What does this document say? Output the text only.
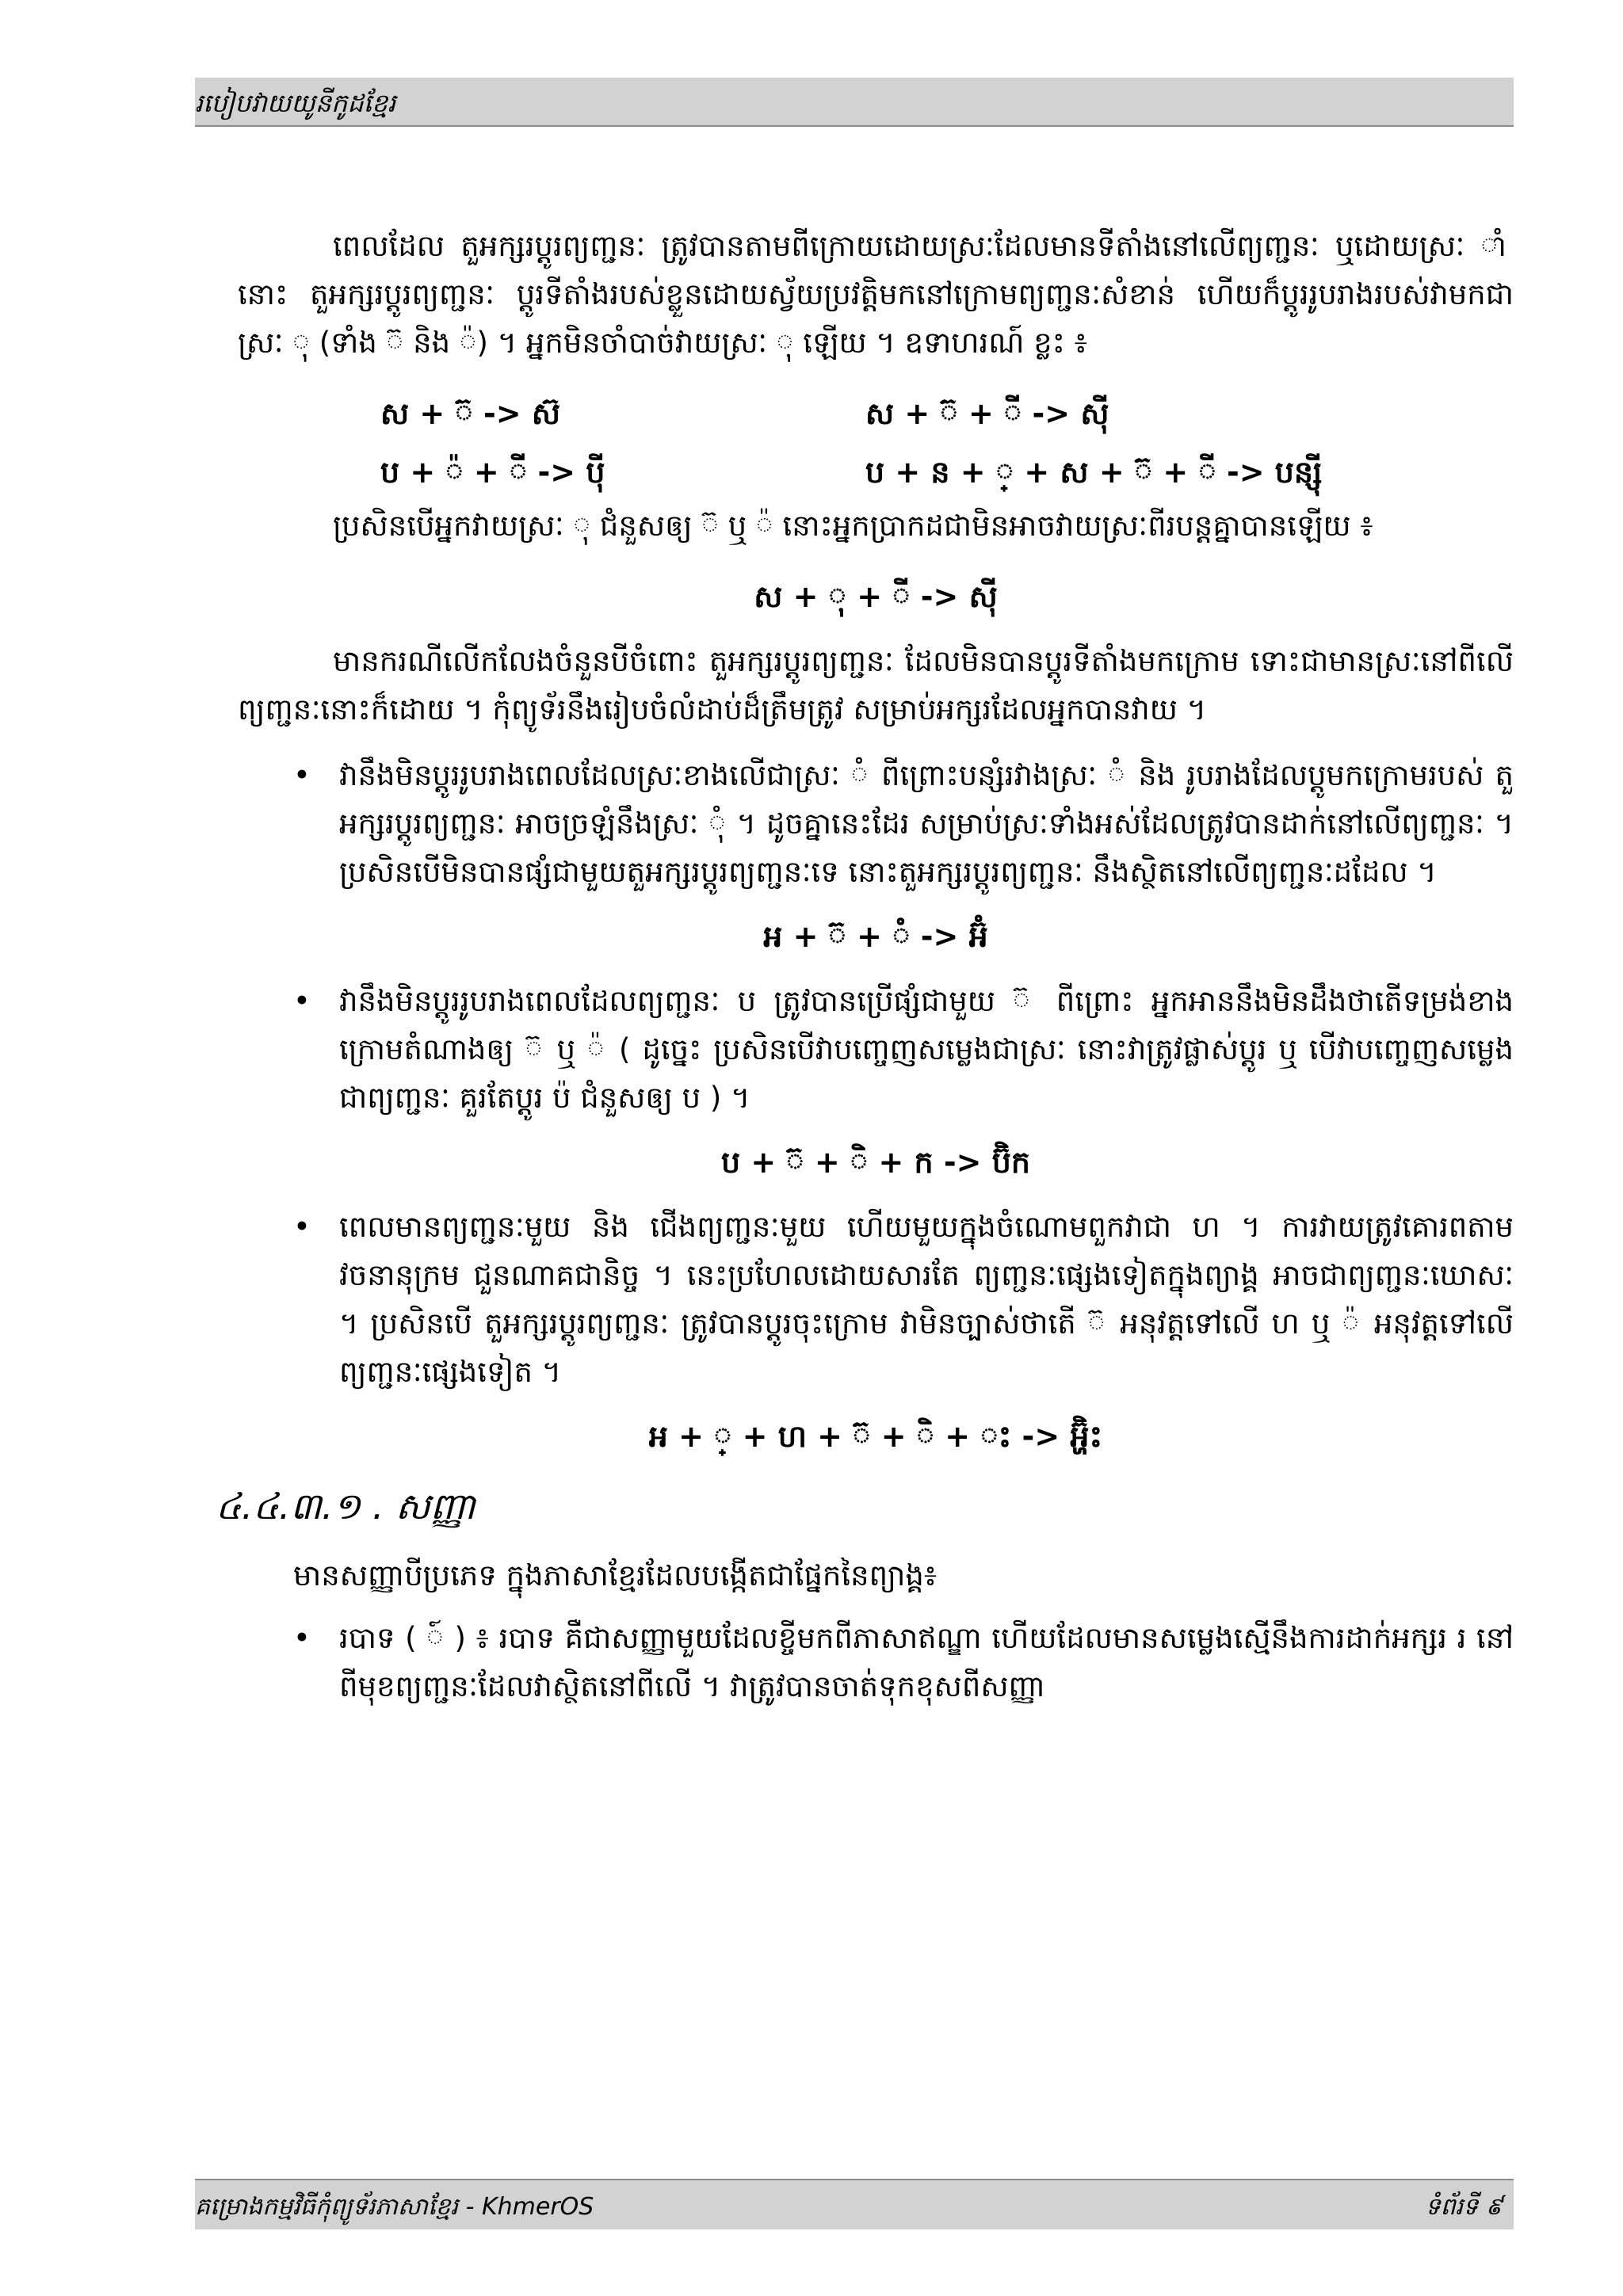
របៀបវាយយូនីកូដខ្មែរ

ពេលដែល តួអក្សរប្តូរព្យញ្ជនៈ ត្រូវបានតាមពីក្រោយដោយស្រៈដែលមានទីតាំងនៅលើព្យញ្ជនៈ ឬដោយស្រៈ ◌ាំ នោះ តួអក្សរប្តូរព្យញ្ជនៈ ប្តូរទីតាំងរបស់ខ្លួនដោយស្វ័យប្រវត្តិមកនៅក្រោមព្យញ្ជនៈសំខាន់ ហើយក៏ប្តូររូបរាងរបស់វាមកជាស្រៈ ◌ុ (ទាំង ◌៊ និង ◌៉) ។ អ្នកមិនចាំបាច់វាយស្រៈ ◌ុ ឡើយ ។ ឧទាហរណ៍ ខ្លះ ៖

ស + ◌៊ -> ស៊	ស + ◌៊ + ◌ី -> ស៊ី
ប + ◌៉ + ◌ី -> ប៉ី	ប + ន + ◌្ + ស + ◌៊ + ◌ី -> បន្ស៊ី

ប្រសិនបើអ្នកវាយស្រៈ ◌ុ ជំនួសឲ្យ ◌៊ ឬ ◌៉ នោះអ្នកប្រាកដជាមិនអាចវាយស្រៈពីរបន្តគ្នាបានឡើយ ៖

ស + ◌ុ + ◌ី -> សុី

មានករណីលើកលែងចំនួនបីចំពោះ តួអក្សរប្តូរព្យញ្ជនៈ ដែលមិនបានប្តូរទីតាំងមកក្រោម ទោះជាមានស្រៈនៅពីលើព្យញ្ជនៈនោះក៏ដោយ ។ កុំព្យូទ័រនឹងរៀបចំលំដាប់ដ៏ត្រឹមត្រូវ សម្រាប់អក្សរដែលអ្នកបានវាយ ។

• វានឹងមិនប្តូររូបរាងពេលដែលស្រៈខាងលើជាស្រៈ ◌ំ ពីព្រោះបន្សំរវាងស្រៈ ◌ំ និង រូបរាងដែលប្តូមកក្រោមរបស់ តួអក្សរប្តូរព្យញ្ជនៈ អាចច្រឡំនឹងស្រៈ ◌ុំ ។ ដូចគ្នានេះដែរ សម្រាប់ស្រៈទាំងអស់ដែលត្រូវបានដាក់នៅលើព្យញ្ជនៈ ។ ប្រសិនបើមិនបានផ្សំជាមួយតួអក្សរប្តូរព្យញ្ជនៈទេ នោះតួអក្សរប្តូរព្យញ្ជនៈ នឹងស្ថិតនៅលើព្យញ្ជនៈដដែល ។
អ + ◌៊ + ◌ំ -> អ៊ំ
• វានឹងមិនប្តូររូបរាងពេលដែលព្យញ្ជនៈ ប ត្រូវបានប្រើផ្សំជាមួយ ◌៊ ពីព្រោះ អ្នកអាននឹងមិនដឹងថាតើទម្រង់ខាងក្រោមតំណាងឲ្យ ◌៊ ឬ ◌៉ ( ដូច្នេះ ប្រសិនបើវាបញ្ចេញសម្លេងជាស្រៈ នោះវាត្រូវផ្លាស់ប្តូរ ឬ បើវាបញ្ចេញសម្លេងជាព្យញ្ជនៈ គួរតែប្តូរ ប៉ ជំនួសឲ្យ ប ) ។
ប + ◌៊ + ◌ិ + ក -> ប៊ិក
• ពេលមានព្យញ្ជនៈមួយ និង ជើងព្យញ្ជនៈមួយ ហើយមួយក្នុងចំណោមពួកវាជា ហ ។ ការវាយត្រូវគោរពតាមវចនានុក្រម ជួនណាគជានិច្ច ។ នេះប្រហែលដោយសារតែ ព្យញ្ជនៈផ្សេងទៀតក្នុងព្យាង្គ អាចជាព្យញ្ជនៈឃោសៈ ។ ប្រសិនបើ តួអក្សរប្តូរព្យញ្ជនៈ ត្រូវបានប្តូរចុះក្រោម វាមិនច្បាស់ថាតើ ◌៊ អនុវត្តទៅលើ ហ ឬ ◌៉ អនុវត្តទៅលើព្យញ្ជនៈផ្សេងទៀត ។
អ + ◌្ + ហ + ◌៊ + ◌ិ + ◌ះ -> អ្ហ៊ិះ
៤.៤.៣.១ . សញ្ញា

មានសញ្ញាបីប្រភេទ ក្នុងភាសាខ្មែរដែលបង្កើតជាផ្នែកនៃព្យាង្គ៖

• របាទ ( ◌៍ ) ៖ របាទ គឺជាសញ្ញាមួយដែលខ្ចីមកពីភាសាឥណ្ឌា ហើយដែលមានសម្លេងស្មើនឹងការដាក់អក្សរ រ នៅពីមុខព្យញ្ជនៈដែលវាស្ថិតនៅពីលើ ។ វាត្រូវបានចាត់ទុកខុសពីសញ្ញា
គម្រោងកម្មវិធីកុំព្យូទ័រភាសាខ្មែរ - KhmerOS	ទំព័រទី ៩
